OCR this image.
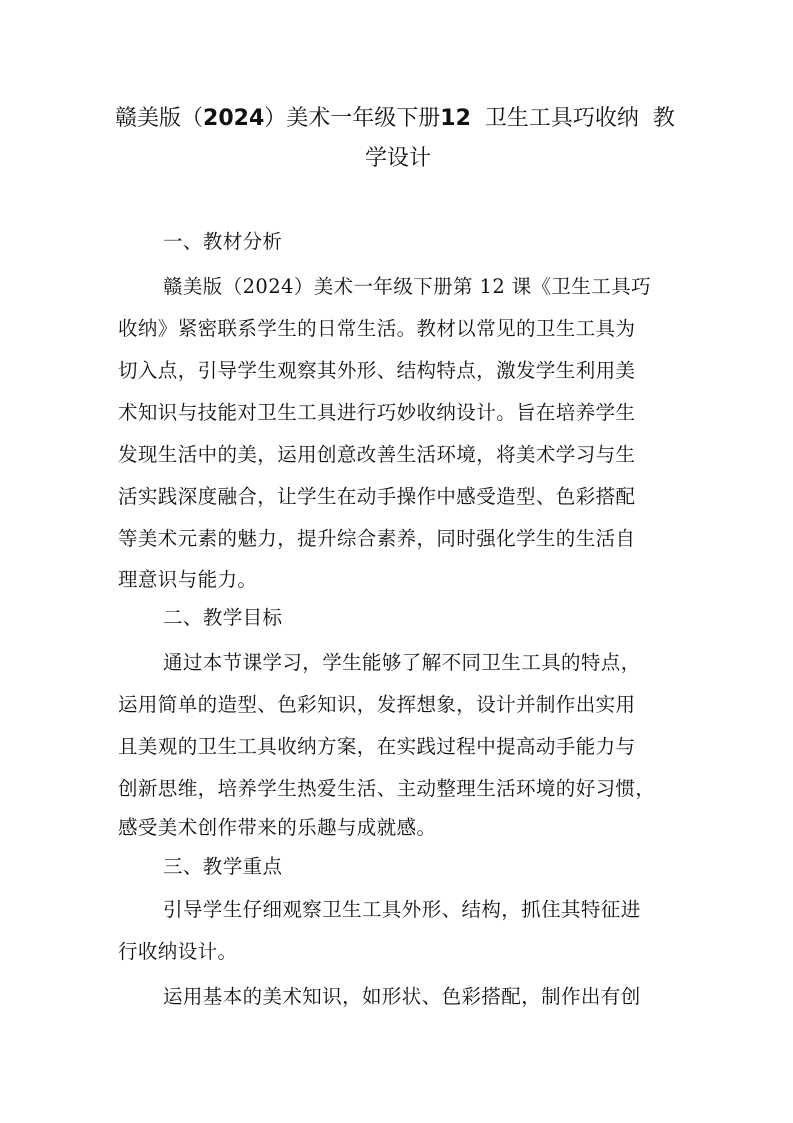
赣美版（2024）美术一年级下册12  卫生工具巧收纳  教
学设计
一、教材分析
赣美版（2024）美术一年级下册第 12 课《卫生工具巧
收纳》紧密联系学生的日常生活。教材以常见的卫生工具为
切入点，引导学生观察其外形、结构特点，激发学生利用美
术知识与技能对卫生工具进行巧妙收纳设计。旨在培养学生
发现生活中的美，运用创意改善生活环境，将美术学习与生
活实践深度融合，让学生在动手操作中感受造型、色彩搭配
等美术元素的魅力，提升综合素养，同时强化学生的生活自
理意识与能力。
二、教学目标
通过本节课学习，学生能够了解不同卫生工具的特点，
运用简单的造型、色彩知识，发挥想象，设计并制作出实用
且美观的卫生工具收纳方案，在实践过程中提高动手能力与
创新思维，培养学生热爱生活、主动整理生活环境的好习惯，
感受美术创作带来的乐趣与成就感。
三、教学重点
引导学生仔细观察卫生工具外形、结构，抓住其特征进
行收纳设计。
运用基本的美术知识，如形状、色彩搭配，制作出有创
